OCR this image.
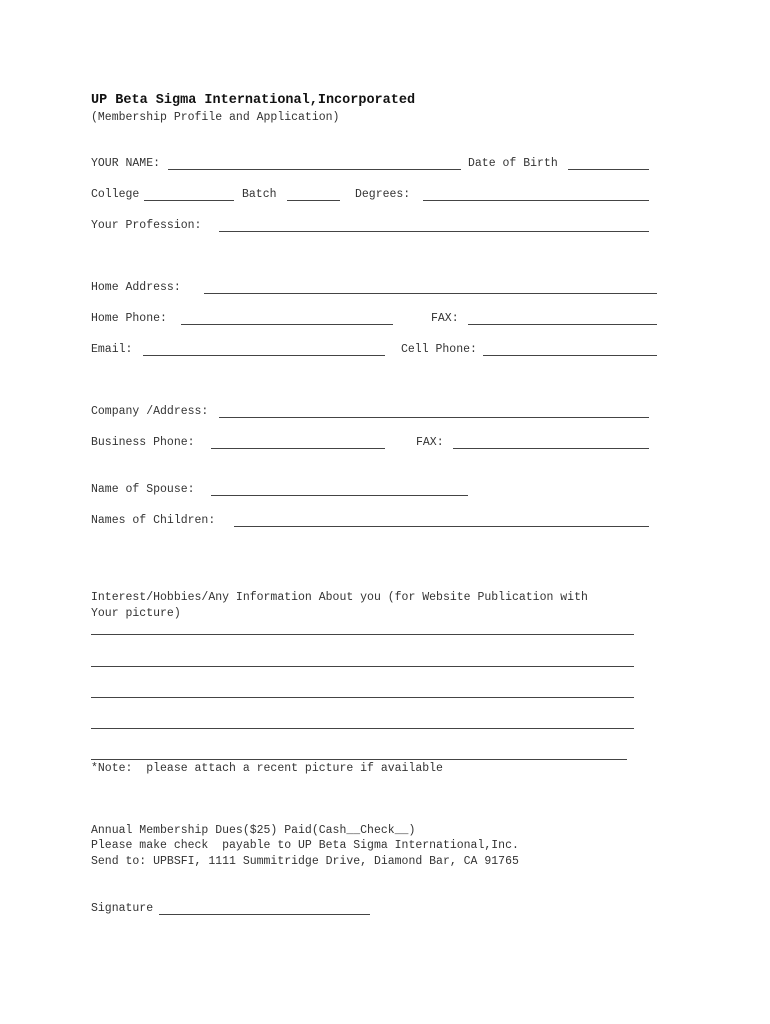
UP Beta Sigma International,Incorporated
(Membership Profile and Application)
YOUR NAME:	Date of Birth
College	Batch	Degrees:
Your Profession:
Home Address:
Home Phone:	FAX:
Email:	Cell Phone:
Company /Address:
Business Phone:	FAX:
Name of Spouse:
Names of Children:
Interest/Hobbies/Any Information About you (for Website Publication with
Your picture)
*Note:  please attach a recent picture if available
Annual Membership Dues($25) Paid(Cash__Check__)
Please make check  payable to UP Beta Sigma International,Inc.
Send to: UPBSFI, 1111 Summitridge Drive, Diamond Bar, CA 91765
Signature
